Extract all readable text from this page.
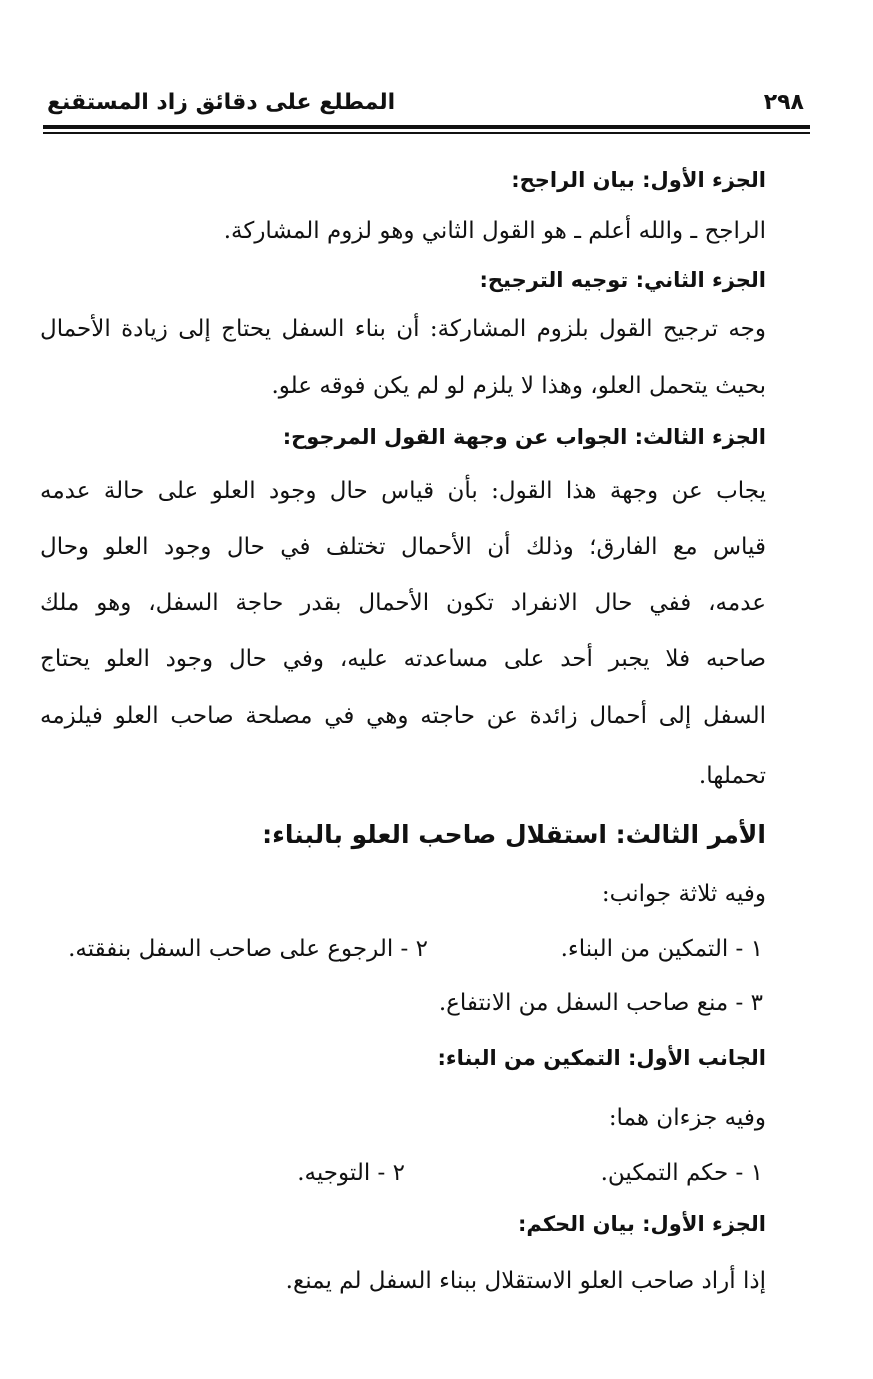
٢٩٨
المطلع على دقائق زاد المستقنع
الجزء الأول: بيان الراجح:
الراجح ـ والله أعلم ـ هو القول الثاني وهو لزوم المشاركة.
الجزء الثاني: توجيه الترجيح:
وجه ترجيح القول بلزوم المشاركة: أن بناء السفل يحتاج إلى زيادة الأحمال
بحيث يتحمل العلو، وهذا لا يلزم لو لم يكن فوقه علو.
الجزء الثالث: الجواب عن وجهة القول المرجوح:
يجاب عن وجهة هذا القول: بأن قياس حال وجود العلو على حالة عدمه
قياس مع الفارق؛ وذلك أن الأحمال تختلف في حال وجود العلو وحال
عدمه، ففي حال الانفراد تكون الأحمال بقدر حاجة السفل، وهو ملك
صاحبه فلا يجبر أحد على مساعدته عليه، وفي حال وجود العلو يحتاج
السفل إلى أحمال زائدة عن حاجته وهي في مصلحة صاحب العلو فيلزمه
تحملها.
الأمر الثالث: استقلال صاحب العلو بالبناء:
وفيه ثلاثة جوانب:
١ - التمكين من البناء.
٢ - الرجوع على صاحب السفل بنفقته.
٣ - منع صاحب السفل من الانتفاع.
الجانب الأول: التمكين من البناء:
وفيه جزءان هما:
١ - حكم التمكين.
٢ - التوجيه.
الجزء الأول: بيان الحكم:
إذا أراد صاحب العلو الاستقلال ببناء السفل لم يمنع.
